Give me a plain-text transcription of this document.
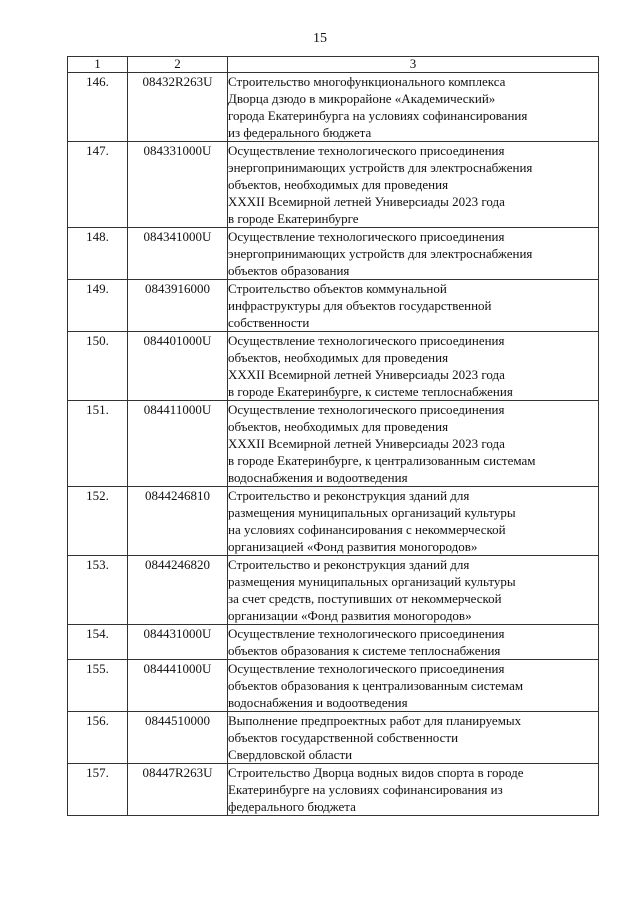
15
1	2	3
146.	08432R263U	Строительство многофункционального комплекса
Дворца дзюдо в микрорайоне «Академический»
города Екатеринбурга на условиях софинансирования
из федерального бюджета
147.	084331000U	Осуществление технологического присоединения
энергопринимающих устройств для электроснабжения
объектов, необходимых для проведения
XXXII Всемирной летней Универсиады 2023 года
в городе Екатеринбурге
148.	084341000U	Осуществление технологического присоединения
энергопринимающих устройств для электроснабжения
объектов образования
149.	0843916000	Строительство объектов коммунальной
инфраструктуры для объектов государственной
собственности
150.	084401000U	Осуществление технологического присоединения
объектов, необходимых для проведения
XXXII Всемирной летней Универсиады 2023 года
в городе Екатеринбурге, к системе теплоснабжения
151.	084411000U	Осуществление технологического присоединения
объектов, необходимых для проведения
XXXII Всемирной летней Универсиады 2023 года
в городе Екатеринбурге, к централизованным системам
водоснабжения и водоотведения
152.	0844246810	Строительство и реконструкция зданий для
размещения муниципальных организаций культуры
на условиях софинансирования с некоммерческой
организацией «Фонд развития моногородов»
153.	0844246820	Строительство и реконструкция зданий для
размещения муниципальных организаций культуры
за счет средств, поступивших от некоммерческой
организации «Фонд развития моногородов»
154.	084431000U	Осуществление технологического присоединения
объектов образования к системе теплоснабжения
155.	084441000U	Осуществление технологического присоединения
объектов образования к централизованным системам
водоснабжения и водоотведения
156.	0844510000	Выполнение предпроектных работ для планируемых
объектов государственной собственности
Свердловской области
157.	08447R263U	Строительство Дворца водных видов спорта в городе
Екатеринбурге на условиях софинансирования из
федерального бюджета
